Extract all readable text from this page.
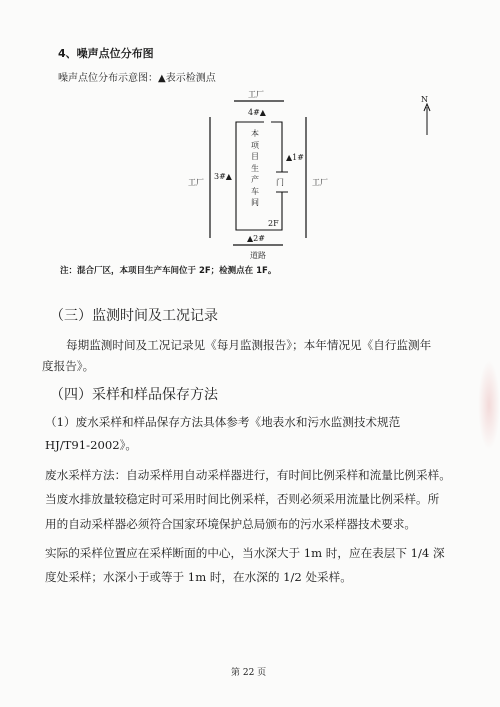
4、噪声点位分布图
噪声点位分布示意图：▲表示检测点
工厂
4#▲
工厂	工厂
3#▲
▲1#
▲2#
本项目生产车间
门
2F
道路
N
注：混合厂区，本项目生产车间位于 2F；检测点在 1F。
（三）监测时间及工况记录
每期监测时间及工况记录见《每月监测报告》；本年情况见《自行监测年
度报告》。
（四）采样和样品保存方法
（1）废水采样和样品保存方法具体参考《地表水和污水监测技术规范
HJ/T91-2002》。
废水采样方法：自动采样用自动采样器进行，有时间比例采样和流量比例采样。
当废水排放量较稳定时可采用时间比例采样，否则必须采用流量比例采样。所
用的自动采样器必须符合国家环境保护总局颁布的污水采样器技术要求。
实际的采样位置应在采样断面的中心，当水深大于 1m 时，应在表层下 1/4 深
度处采样；水深小于或等于 1m 时，在水深的 1/2 处采样。
第 22 页
